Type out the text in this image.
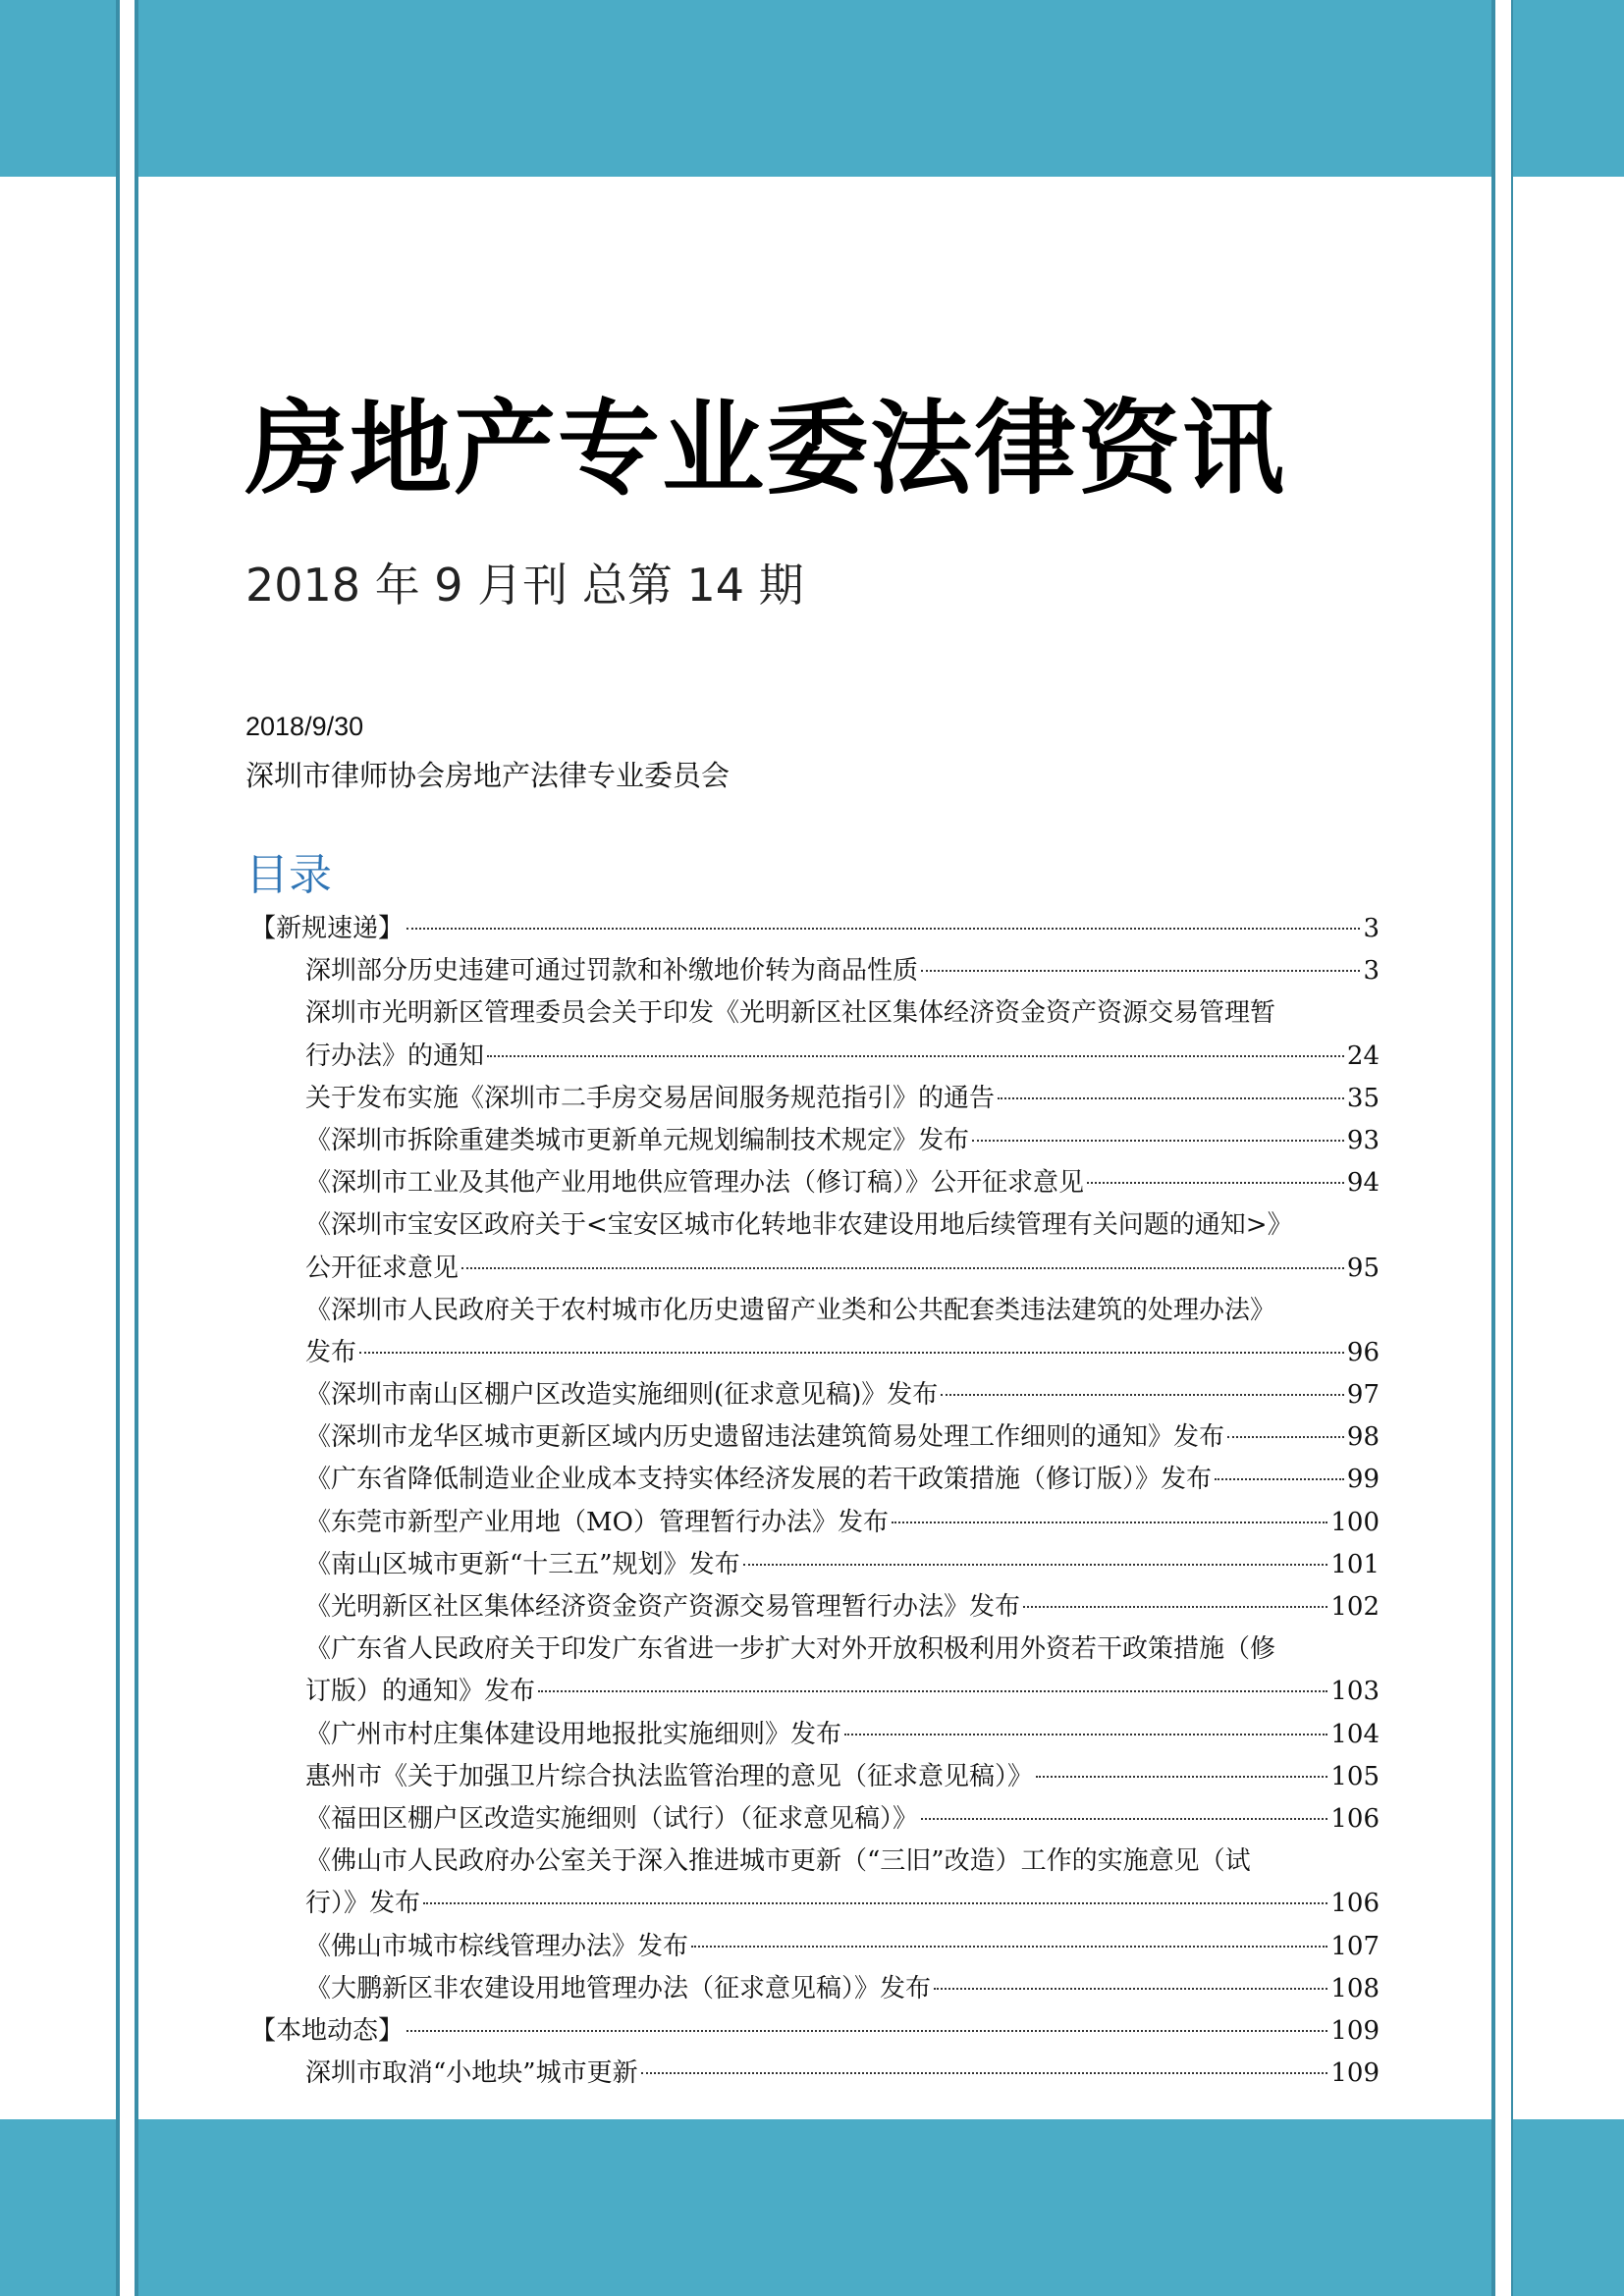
房地产专业委法律资讯
2018 年 9 月刊 总第 14 期
2018/9/30
深圳市律师协会房地产法律专业委员会
目录
【新规速递】	3
深圳部分历史违建可通过罚款和补缴地价转为商品性质	3
深圳市光明新区管理委员会关于印发《光明新区社区集体经济资金资产资源交易管理暂
行办法》的通知	24
关于发布实施《深圳市二手房交易居间服务规范指引》的通告	35
《深圳市拆除重建类城市更新单元规划编制技术规定》发布	93
《深圳市工业及其他产业用地供应管理办法（修订稿）》公开征求意见	94
《深圳市宝安区政府关于<宝安区城市化转地非农建设用地后续管理有关问题的通知>》
公开征求意见	95
《深圳市人民政府关于农村城市化历史遗留产业类和公共配套类违法建筑的处理办法》
发布	96
《深圳市南山区棚户区改造实施细则(征求意见稿)》发布	97
《深圳市龙华区城市更新区域内历史遗留违法建筑简易处理工作细则的通知》发布	98
《广东省降低制造业企业成本支持实体经济发展的若干政策措施（修订版）》发布	99
《东莞市新型产业用地（MO）管理暂行办法》发布	100
《南山区城市更新“十三五”规划》发布	101
《光明新区社区集体经济资金资产资源交易管理暂行办法》发布	102
《广东省人民政府关于印发广东省进一步扩大对外开放积极利用外资若干政策措施（修
订版）的通知》发布	103
《广州市村庄集体建设用地报批实施细则》发布	104
惠州市《关于加强卫片综合执法监管治理的意见（征求意见稿）》	105
《福田区棚户区改造实施细则（试行）（征求意见稿）》	106
《佛山市人民政府办公室关于深入推进城市更新（“三旧”改造）工作的实施意见（试
行）》发布	106
《佛山市城市棕线管理办法》发布	107
《大鹏新区非农建设用地管理办法（征求意见稿）》发布	108
【本地动态】	109
深圳市取消“小地块”城市更新	109
